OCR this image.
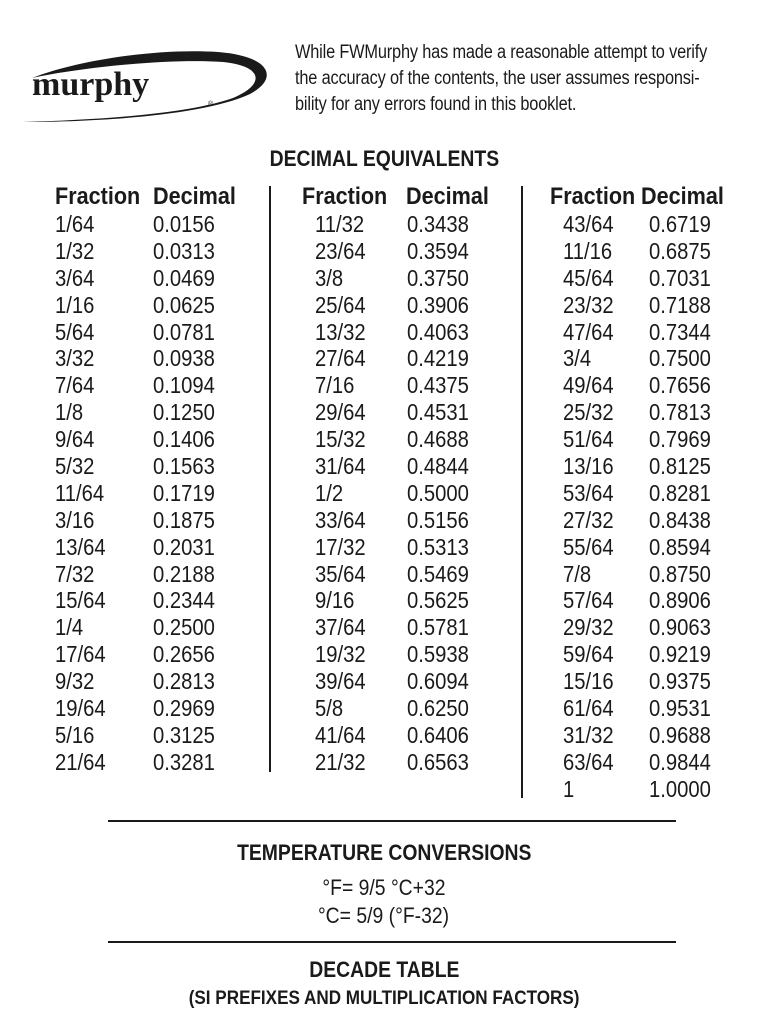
murphy
®
While FWMurphy has made a reasonable attempt to verify
the accuracy of the contents, the user assumes responsi-
bility for any errors found in this booklet.
DECIMAL EQUIVALENTS
Fraction Decimal
1/64	0.0156
1/32	0.0313
3/64	0.0469
1/16	0.0625
5/64	0.0781
3/32	0.0938
7/64	0.1094
1/8	0.1250
9/64	0.1406
5/32	0.1563
11/64 0.1719
3/16	0.1875
13/64 0.2031
7/32	0.2188
15/64 0.2344
1/4	0.2500
17/64 0.2656
9/32	0.2813
19/64 0.2969
5/16	0.3125
21/64 0.3281
Fraction Decimal
11/32 0.3438
23/64 0.3594
3/8	0.3750
25/64 0.3906
13/32 0.4063
27/64 0.4219
7/16 0.4375
29/64 0.4531
15/32 0.4688
31/64 0.4844
1/2	0.5000
33/64 0.5156
17/32 0.5313
35/64 0.5469
9/16 0.5625
37/64 0.5781
19/32 0.5938
39/64 0.6094
5/8	0.6250
41/64 0.6406
21/32 0.6563
Fraction Decimal
43/64 0.6719
11/16 0.6875
45/64 0.7031
23/32 0.7188
47/64 0.7344
3/4	0.7500
49/64 0.7656
25/32 0.7813
51/64 0.7969
13/16 0.8125
53/64 0.8281
27/32 0.8438
55/64 0.8594
7/8	0.8750
57/64 0.8906
29/32 0.9063
59/64 0.9219
15/16 0.9375
61/64 0.9531
31/32 0.9688
63/64 0.9844
1	1.0000
TEMPERATURE CONVERSIONS
°F= 9/5 °C+32
°C= 5/9 (°F-32)
DECADE TABLE
(SI PREFIXES AND MULTIPLICATION FACTORS)
